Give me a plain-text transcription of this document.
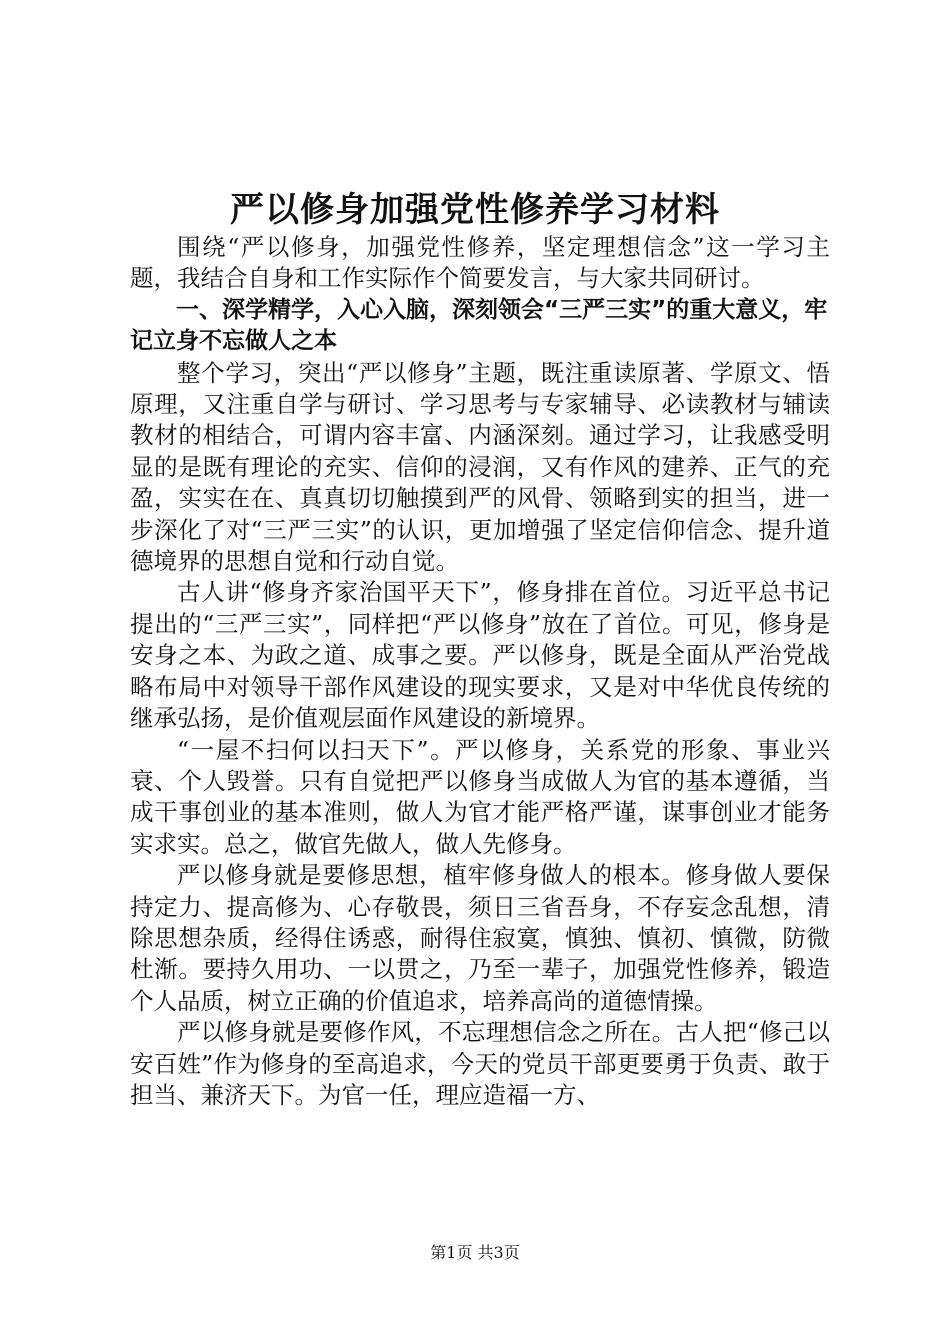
严以修身加强党性修养学习材料

围绕“严以修身，加强党性修养，坚定理想信念”这一学习主题，我结合自身和工作实际作个简要发言，与大家共同研讨。

一、深学精学，入心入脑，深刻领会“三严三实”的重大意义，牢记立身不忘做人之本

整个学习，突出“严以修身”主题，既注重读原著、学原文、悟原理，又注重自学与研讨、学习思考与专家辅导、必读教材与辅读教材的相结合，可谓内容丰富、内涵深刻。通过学习，让我感受明显的是既有理论的充实、信仰的浸润，又有作风的建养、正气的充盈，实实在在、真真切切触摸到严的风骨、领略到实的担当，进一步深化了对“三严三实”的认识，更加增强了坚定信仰信念、提升道德境界的思想自觉和行动自觉。

古人讲“修身齐家治国平天下”，修身排在首位。习近平总书记提出的“三严三实”，同样把“严以修身”放在了首位。可见，修身是安身之本、为政之道、成事之要。严以修身，既是全面从严治党战略布局中对领导干部作风建设的现实要求，又是对中华优良传统的继承弘扬，是价值观层面作风建设的新境界。

“一屋不扫何以扫天下”。严以修身，关系党的形象、事业兴衰、个人毁誉。只有自觉把严以修身当成做人为官的基本遵循，当成干事创业的基本准则，做人为官才能严格严谨，谋事创业才能务实求实。总之，做官先做人，做人先修身。

严以修身就是要修思想，植牢修身做人的根本。修身做人要保持定力、提高修为、心存敬畏，须日三省吾身，不存妄念乱想，清除思想杂质，经得住诱惑，耐得住寂寞，慎独、慎初、慎微，防微杜渐。要持久用功、一以贯之，乃至一辈子，加强党性修养，锻造个人品质，树立正确的价值追求，培养高尚的道德情操。

严以修身就是要修作风，不忘理想信念之所在。古人把“修己以安百姓”作为修身的至高追求，今天的党员干部更要勇于负责、敢于担当、兼济天下。为官一任，理应造福一方、

第1页 共3页
